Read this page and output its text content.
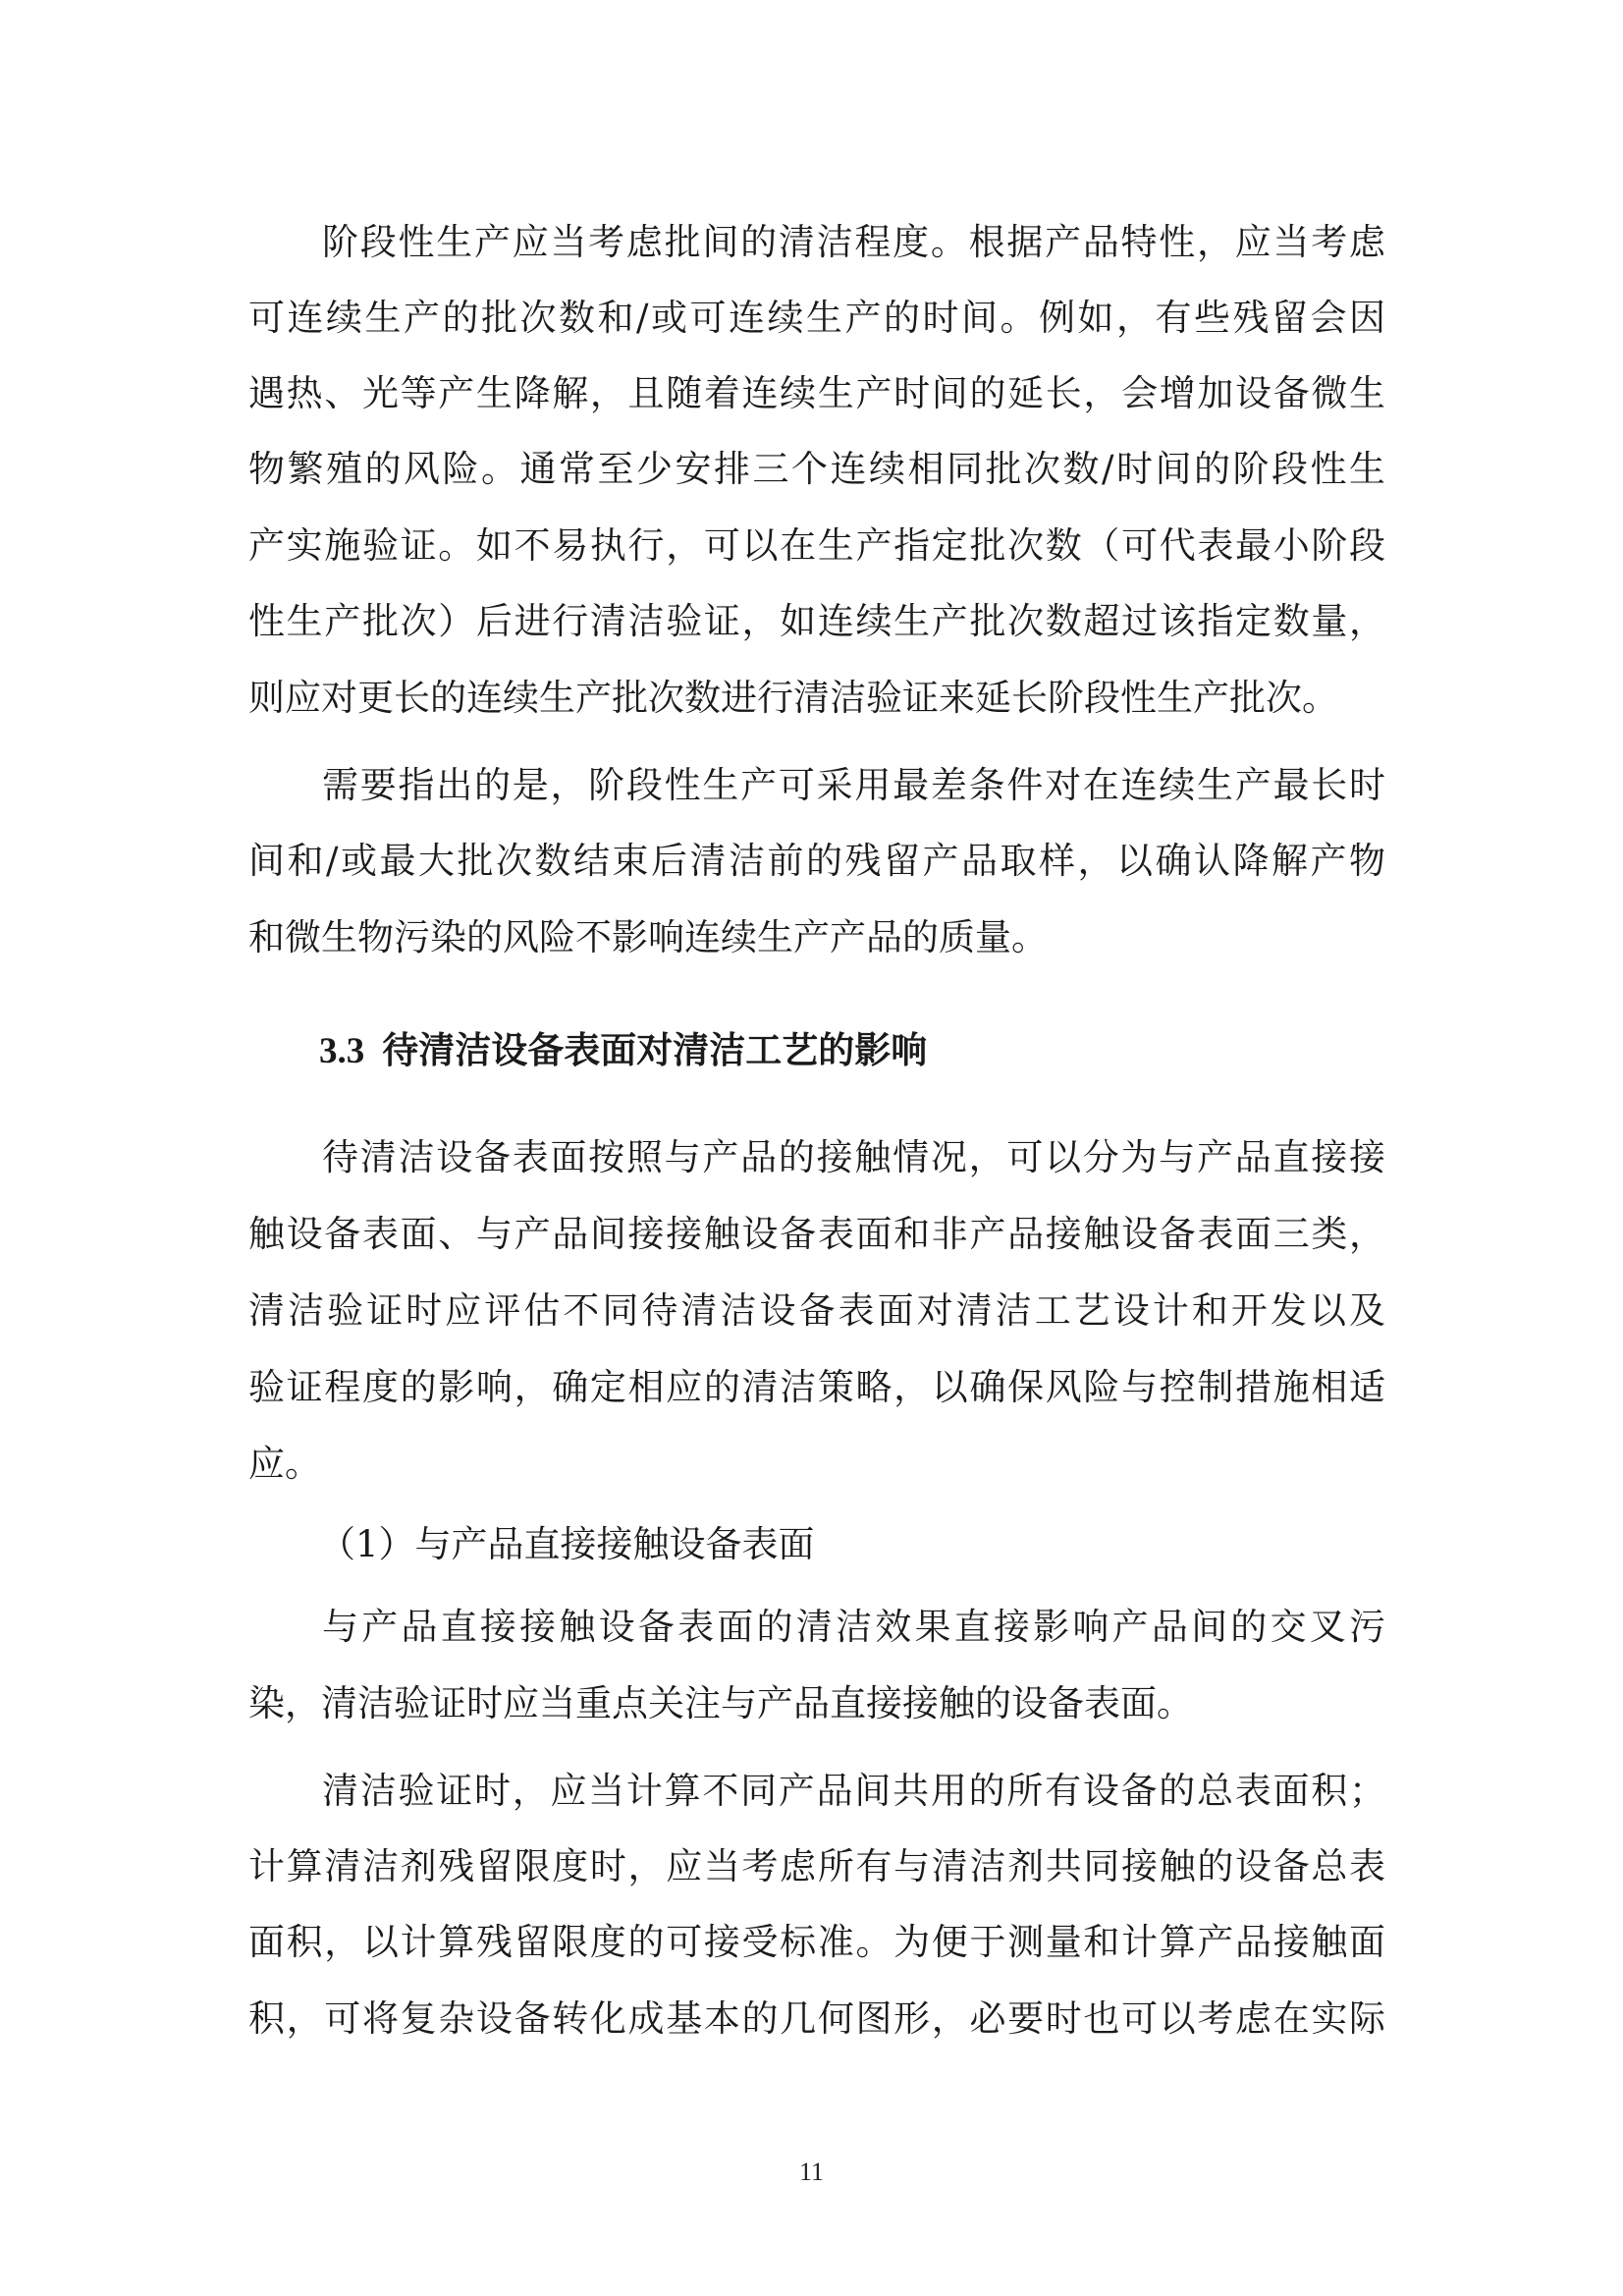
阶段性生产应当考虑批间的清洁程度。根据产品特性，应当考虑
可连续生产的批次数和/或可连续生产的时间。例如，有些残留会因
遇热、光等产生降解，且随着连续生产时间的延长，会增加设备微生
物繁殖的风险。通常至少安排三个连续相同批次数/时间的阶段性生
产实施验证。如不易执行，可以在生产指定批次数（可代表最小阶段
性生产批次）后进行清洁验证，如连续生产批次数超过该指定数量，
则应对更长的连续生产批次数进行清洁验证来延长阶段性生产批次。
需要指出的是，阶段性生产可采用最差条件对在连续生产最长时
间和/或最大批次数结束后清洁前的残留产品取样，以确认降解产物
和微生物污染的风险不影响连续生产产品的质量。
3.3 待清洁设备表面对清洁工艺的影响
待清洁设备表面按照与产品的接触情况，可以分为与产品直接接
触设备表面、与产品间接接触设备表面和非产品接触设备表面三类，
清洁验证时应评估不同待清洁设备表面对清洁工艺设计和开发以及
验证程度的影响，确定相应的清洁策略，以确保风险与控制措施相适
应。
（1）与产品直接接触设备表面
与产品直接接触设备表面的清洁效果直接影响产品间的交叉污
染，清洁验证时应当重点关注与产品直接接触的设备表面。
清洁验证时，应当计算不同产品间共用的所有设备的总表面积；
计算清洁剂残留限度时，应当考虑所有与清洁剂共同接触的设备总表
面积，以计算残留限度的可接受标准。为便于测量和计算产品接触面
积，可将复杂设备转化成基本的几何图形，必要时也可以考虑在实际
11
